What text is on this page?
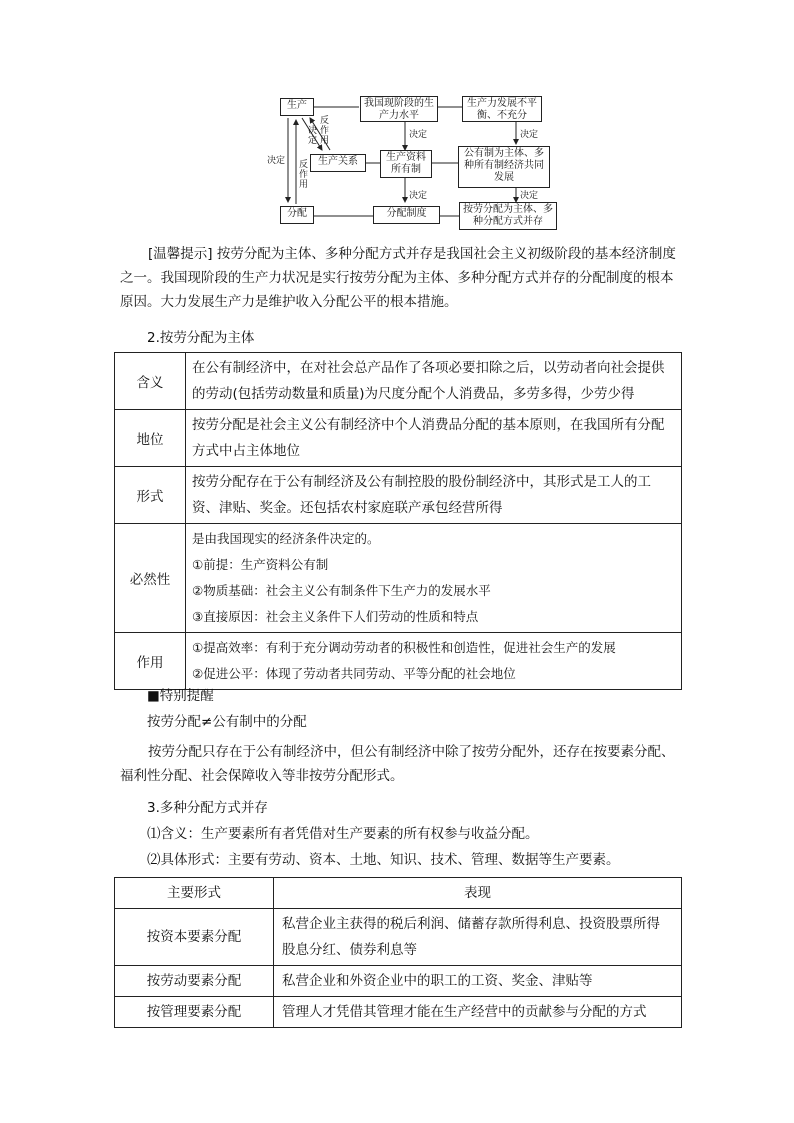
生产
生产关系
分配
我国现阶段的生产力水平
生产资料所有制
分配制度
生产力发展不平衡、不充分
公有制为主体、多种所有制经济共同发展
按劳分配为主体、多种分配方式并存
决定 反作用
决定
反作用
决定
决定
决定
决定
[温馨提示] 按劳分配为主体、多种分配方式并存是我国社会主义初级阶段的基本经济制度之一。我国现阶段的生产力状况是实行按劳分配为主体、多种分配方式并存的分配制度的根本原因。大力发展生产力是维护收入分配公平的根本措施。
2.按劳分配为主体
含义	在公有制经济中，在对社会总产品作了各项必要扣除之后，以劳动者向社会提供的劳动(包括劳动数量和质量)为尺度分配个人消费品，多劳多得，少劳少得
地位	按劳分配是社会主义公有制经济中个人消费品分配的基本原则，在我国所有分配方式中占主体地位
形式	按劳分配存在于公有制经济及公有制控股的股份制经济中，其形式是工人的工资、津贴、奖金。还包括农村家庭联产承包经营所得
必然性	是由我国现实的经济条件决定的。
①前提：生产资料公有制
②物质基础：社会主义公有制条件下生产力的发展水平
③直接原因：社会主义条件下人们劳动的性质和特点

作用	①提高效率：有利于充分调动劳动者的积极性和创造性，促进社会生产的发展
②促进公平：体现了劳动者共同劳动、平等分配的社会地位
■特别提醒
按劳分配≠公有制中的分配
按劳分配只存在于公有制经济中，但公有制经济中除了按劳分配外，还存在按要素分配、福利性分配、社会保障收入等非按劳分配形式。
3.多种分配方式并存
⑴含义：生产要素所有者凭借对生产要素的所有权参与收益分配。
⑵具体形式：主要有劳动、资本、土地、知识、技术、管理、数据等生产要素。
主要形式	表现
按资本要素分配	私营企业主获得的税后利润、储蓄存款所得利息、投资股票所得股息分红、债券利息等
按劳动要素分配	私营企业和外资企业中的职工的工资、奖金、津贴等
按管理要素分配	管理人才凭借其管理才能在生产经营中的贡献参与分配的方式
